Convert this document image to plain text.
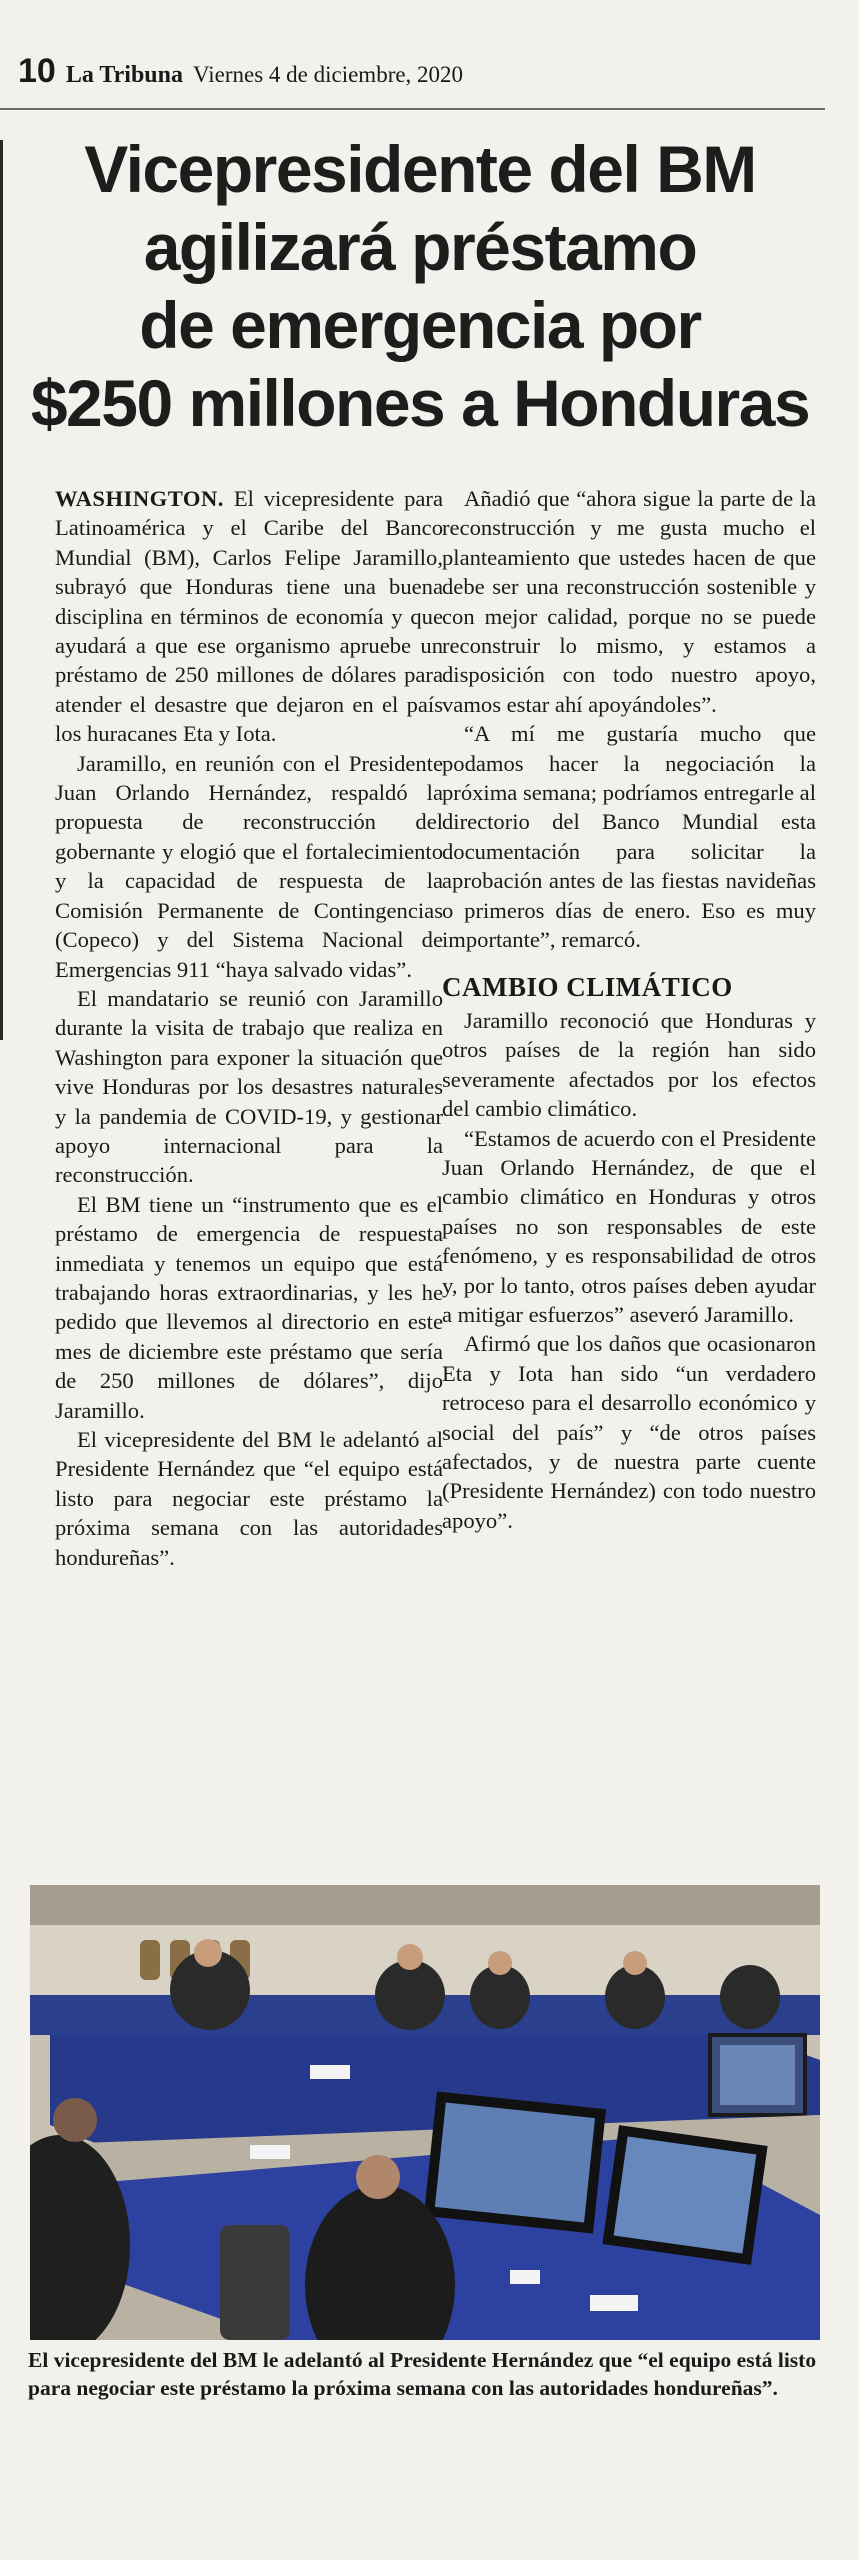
10 La Tribuna Viernes 4 de diciembre, 2020
Vicepresidente del BM
agilizará préstamo
de emergencia por
$250 millones a Honduras

WASHINGTON. El vicepresidente para Latinoamérica y el Caribe del Banco Mundial (BM), Carlos Felipe Jaramillo, subrayó que Honduras tiene una buena disciplina en términos de economía y que ayudará a que ese organismo apruebe un préstamo de 250 millones de dólares para atender el desastre que dejaron en el país los huracanes Eta y Iota.

Jaramillo, en reunión con el Presidente Juan Orlando Hernández, respaldó la propuesta de reconstrucción del gobernante y elogió que el fortalecimiento y la capacidad de respuesta de la Comisión Permanente de Contingencias (Copeco) y del Sistema Nacional de Emergencias 911 “haya salvado vidas”.

El mandatario se reunió con Jaramillo durante la visita de trabajo que realiza en Washington para exponer la situación que vive Honduras por los desastres naturales y la pandemia de COVID-19, y gestionar apoyo internacional para la reconstrucción.

El BM tiene un “instrumento que es el préstamo de emergencia de respuesta inmediata y tenemos un equipo que está trabajando horas extraordinarias, y les he pedido que llevemos al directorio en este mes de diciembre este préstamo que sería de 250 millones de dólares”, dijo Jaramillo.

El vicepresidente del BM le adelantó al Presidente Hernández que “el equipo está listo para negociar este préstamo la próxima semana con las autoridades hondureñas”.

Añadió que “ahora sigue la parte de la reconstrucción y me gusta mucho el planteamiento que ustedes hacen de que debe ser una reconstrucción sostenible y con mejor calidad, porque no se puede reconstruir lo mismo, y estamos a disposición con todo nuestro apoyo, vamos estar ahí apoyándoles”.

“A mí me gustaría mucho que podamos hacer la negociación la próxima semana; podríamos entregarle al directorio del Banco Mundial esta documentación para solicitar la aprobación antes de las fiestas navideñas o primeros días de enero. Eso es muy importante”, remarcó.

CAMBIO CLIMÁTICO

Jaramillo reconoció que Honduras y otros países de la región han sido severamente afectados por los efectos del cambio climático.

“Estamos de acuerdo con el Presidente Juan Orlando Hernández, de que el cambio climático en Honduras y otros países no son responsables de este fenómeno, y es responsabilidad de otros y, por lo tanto, otros países deben ayudar a mitigar esfuerzos” aseveró Jaramillo.

Afirmó que los daños que ocasionaron Eta y Iota han sido “un verdadero retroceso para el desarrollo económico y social del país” y “de otros países afectados, y de nuestra parte cuente (Presidente Hernández) con todo nuestro apoyo”.

El vicepresidente del BM le adelantó al Presidente Hernández que “el equipo está listo para negociar este préstamo la próxima semana con las autoridades hondureñas”.
